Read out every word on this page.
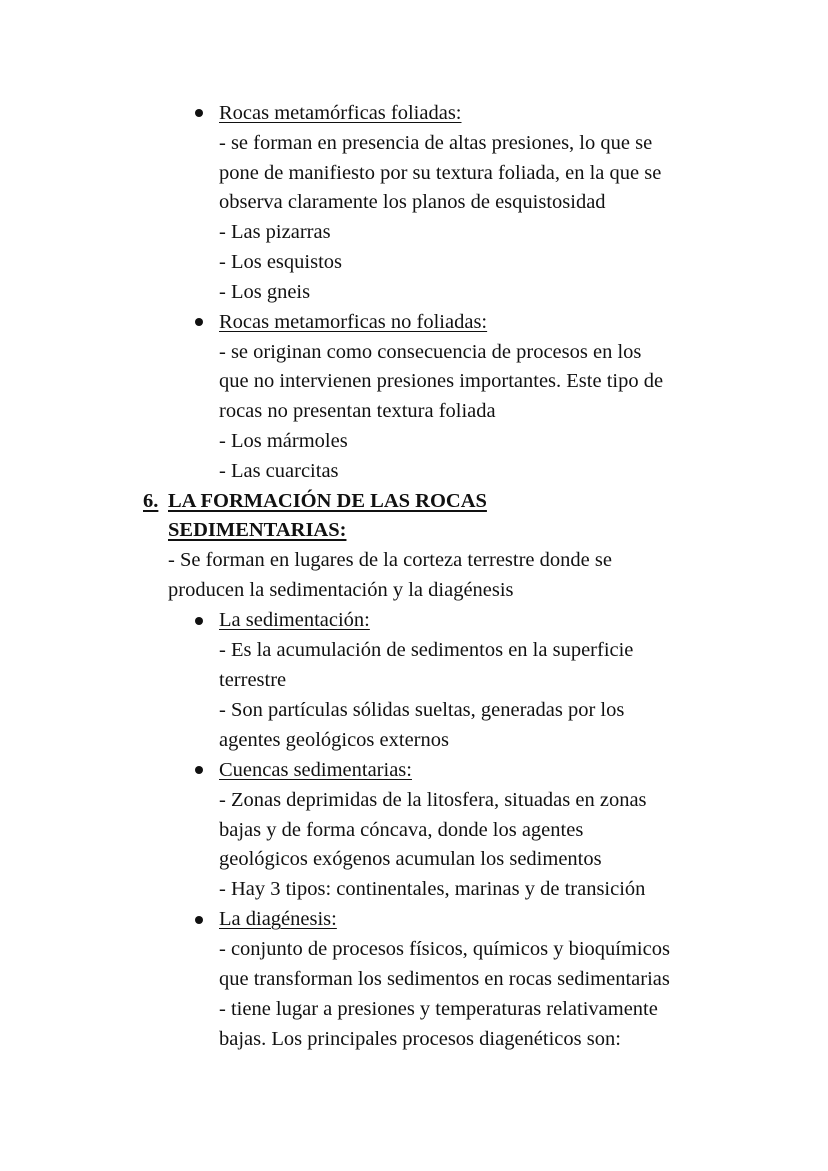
Rocas metamórficas foliadas:
- se forman en presencia de altas presiones, lo que se
pone de manifiesto por su textura foliada, en la que se
observa claramente los planos de esquistosidad
- Las pizarras
- Los esquistos
- Los gneis
Rocas metamorficas no foliadas:
- se originan como consecuencia de procesos en los
que no intervienen presiones importantes. Este tipo de
rocas no presentan textura foliada
- Los mármoles
- Las cuarcitas
6. LA FORMACIÓN DE LAS ROCAS
SEDIMENTARIAS:
- Se forman en lugares de la corteza terrestre donde se
producen la sedimentación y la diagénesis
La sedimentación:
- Es la acumulación de sedimentos en la superficie
terrestre
- Son partículas sólidas sueltas, generadas por los
agentes geológicos externos
Cuencas sedimentarias:
- Zonas deprimidas de la litosfera, situadas en zonas
bajas y de forma cóncava, donde los agentes
geológicos exógenos acumulan los sedimentos
- Hay 3 tipos: continentales, marinas y de transición
La diagénesis:
- conjunto de procesos físicos, químicos y bioquímicos
que transforman los sedimentos en rocas sedimentarias
- tiene lugar a presiones y temperaturas relativamente
bajas. Los principales procesos diagenéticos son:
